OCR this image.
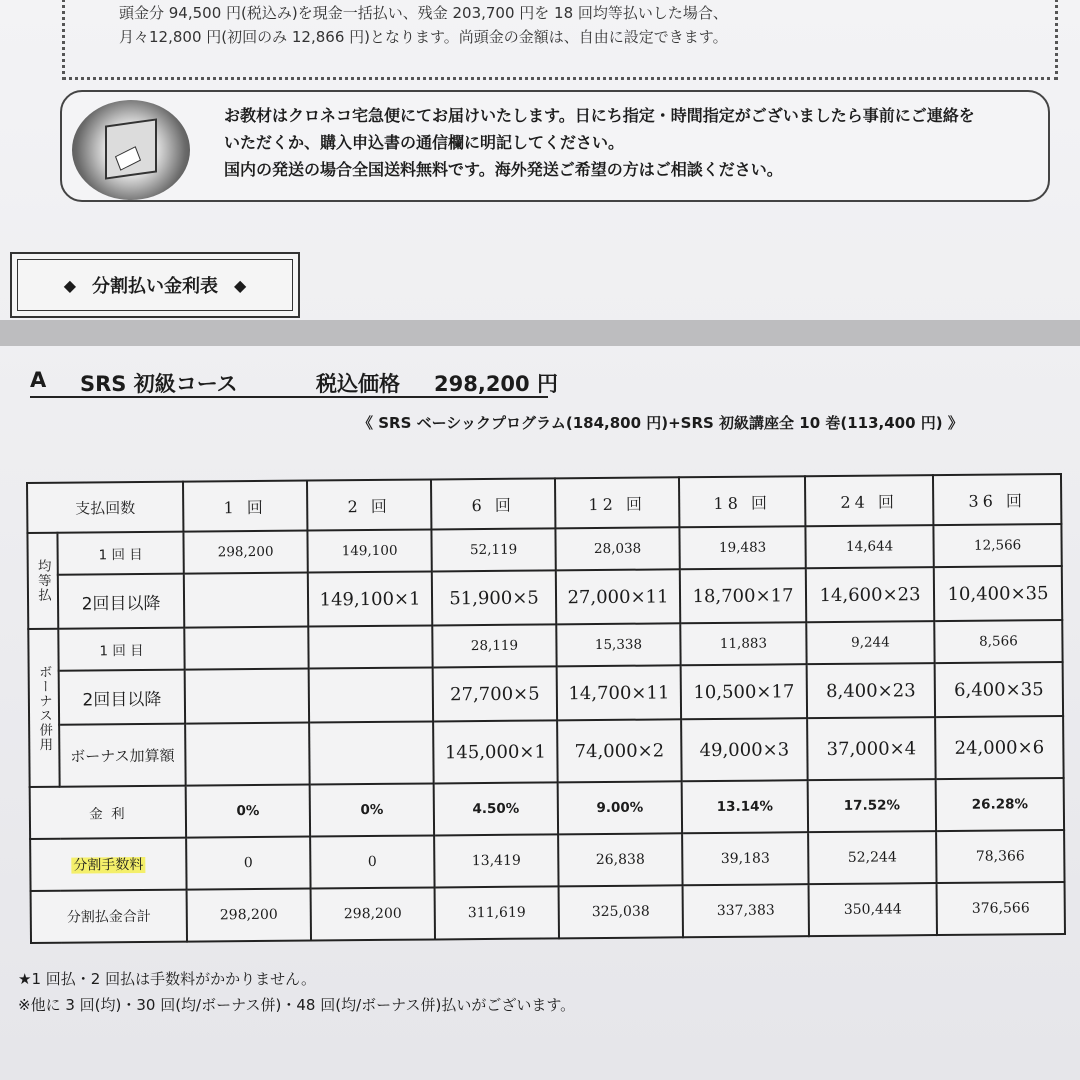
頭金分 94,500 円(税込み)を現金一括払い、残金 203,700 円を 18 回均等払いした場合、
月々12,800 円(初回のみ 12,866 円)となります。尚頭金の金額は、自由に設定できます。
お教材はクロネコ宅急便にてお届けいたします。日にち指定・時間指定がございましたら事前にご連絡を
いただくか、購入申込書の通信欄に明記してください。
国内の発送の場合全国送料無料です。海外発送ご希望の方はご相談ください。
◆ 分割払い金利表 ◆
A SRS 初級コース	税込価格 298,200 円
《 SRS ベーシックプログラム(184,800 円)+SRS 初級講座全 10 巻(113,400 円) 》
支払回数		1 回	2 回	6 回	12 回	18 回	24 回	36 回
均等払	1 回 目	298,200	149,100	52,119	28,038	19,483	14,644	12,566
	2回目以降		149,100×1	51,900×5	27,000×11	18,700×17	14,600×23	10,400×35
ボーナス併用	1 回 目			28,119	15,338	11,883	9,244	8,566
	2回目以降			27,700×5	14,700×11	10,500×17	8,400×23	6,400×35
	ボーナス加算額			145,000×1	74,000×2	49,000×3	37,000×4	24,000×6
金 利		0%	0%	4.50%	9.00%	13.14%	17.52%	26.28%
分割手数料		0	0	13,419	26,838	39,183	52,244	78,366
分割払金合計		298,200	298,200	311,619	325,038	337,383	350,444	376,566
★1 回払・2 回払は手数料がかかりません。
※他に 3 回(均)・30 回(均/ボーナス併)・48 回(均/ボーナス併)払いがございます。
